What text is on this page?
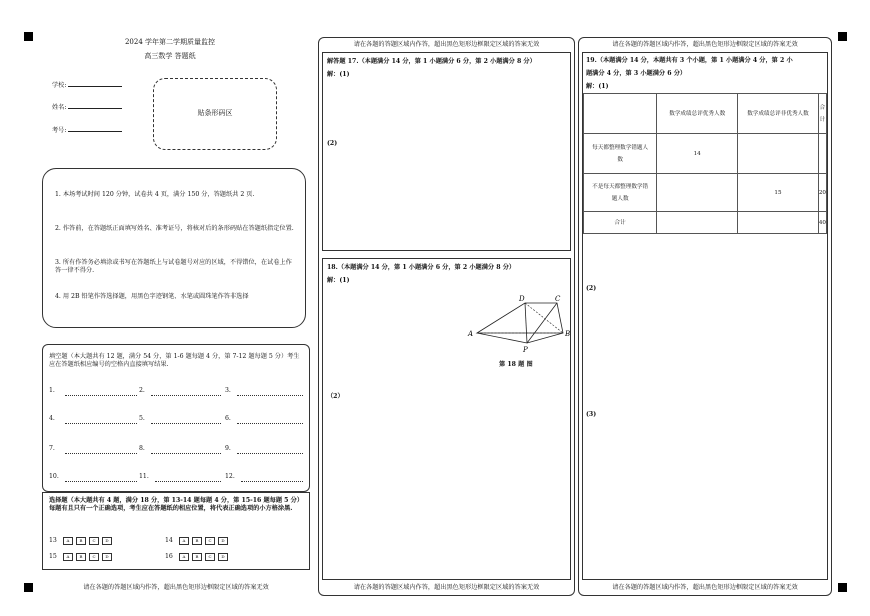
2024 学年第二学期质量监控
高三数学 答题纸
学校:
姓名:
考号:
贴条形码区
1. 本场考试时间 120 分钟，试卷共 4 页，满分 150 分，答题纸共 2 页.
2. 作答前，在答题纸正面填写姓名、准考证号，将核对后的条形码贴在答题纸指定位置.
3. 所有作答务必填涂或书写在答题纸上与试卷题号对应的区域，不得错位，在试卷上作答一律不得分.
4. 用 2B 铅笔作答选择题，用黑色字迹钢笔、水笔或圆珠笔作答非选择
填空题（本大题共有 12 题，满分 54 分，第 1-6 题每题 4 分，第 7-12 题每题 5 分）考生应在答题纸相应编号的空格内直接填写结果.
1.	2.	3.
4.	5.	6.
7.	8.	9.
10.	11.	12.
选择题（本大题共有 4 题，满分 18 分，第 13-14 题每题 4 分，第 15-16 题每题 5 分）每题有且只有一个正确选项，考生应在答题纸的相应位置，将代表正确选项的小方格涂黑.
13 A	B	C D	14 A	B	C D
15 A	B	C D	16 A	B	C D
请在各题的答题区域内作答，超出黑色矩形边框限定区域的答案无效
请在各题的答题区域内作答，超出黑色矩形边框限定区域的答案无效
解答题 17.（本题满分 14 分，第 1 小题满分 6 分，第 2 小题满分 8 分）
解：(1)
(2)
18.（本题满分 14 分，第 1 小题满分 6 分，第 2 小题满分 8 分）
解：(1)
A	B
C
D
P
第 18 题 图
（2）
请在各题的答题区域内作答，超出黑色矩形边框限定区域的答案无效
请在各题的答题区域内作答，超出黑色矩形边框限定区域的答案无效
19.（本题满分 14 分，本题共有 3 个小题，第 1 小题满分 4 分，第 2 小
题满分 4 分，第 3 小题满分 6 分）
解：(1)
	数学成绩总评优秀人数	数学成绩总评非优秀人数	合计
每天都整理数学错题人数	14		
不是每天都整理数学错题人数		15	20
合计			40
(2)
(3)
请在各题的答题区域内作答，超出黑色矩形边框限定区域的答案无效
